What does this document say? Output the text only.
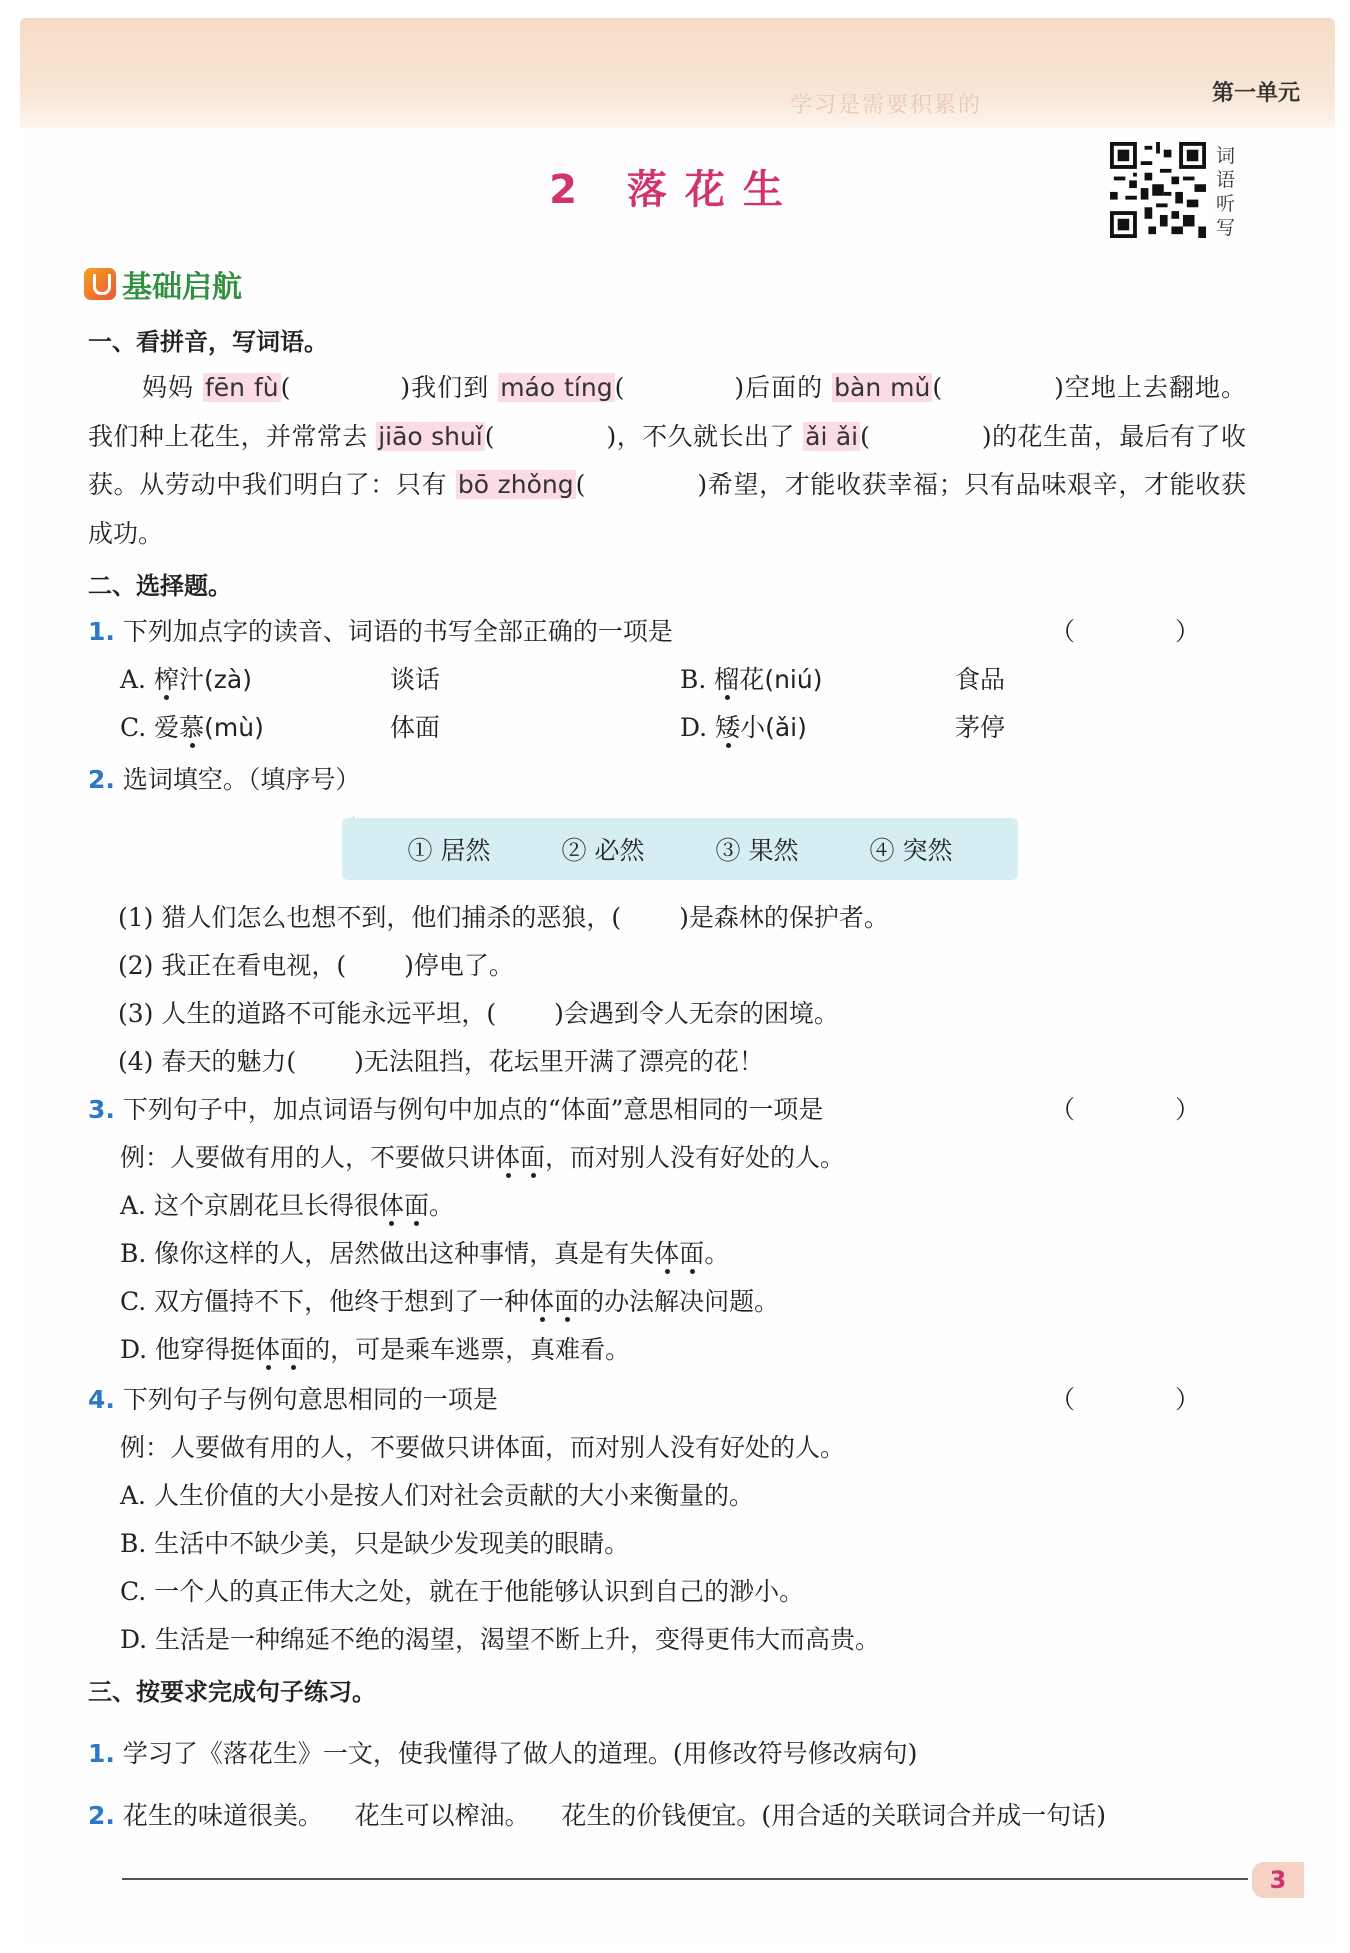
学习是需要积累的	第一单元
2 落花生
词语听写
基础启航
一、看拼音，写词语。
妈妈 fēn fù(	)我们到 máo tíng(	)后面的 bàn mǔ(	)空地上去翻地。我们种上花生，并常常去 jiāo shuǐ(	)，不久就长出了 ǎi ǎi(	)的花生苗，最后有了收获。从劳动中我们明白了：只有 bō zhǒng(	)希望，才能收获幸福；只有品味艰辛，才能收获成功。
二、选择题。
1. 下列加点字的读音、词语的书写全部正确的一项是	（ ）
A. 榨汁(zà)	谈话	B. 榴花(niú)	食品
C. 爱慕(mù)	体面	D. 矮小(ǎi)	茅停
2. 选词填空。（填序号）
① 居然	② 必然	③ 果然	④ 突然
(1) 猎人们怎么也想不到，他们捕杀的恶狼，( )是森林的保护者。
(2) 我正在看电视，( )停电了。
(3) 人生的道路不可能永远平坦，( )会遇到令人无奈的困境。
(4) 春天的魅力( )无法阻挡，花坛里开满了漂亮的花！
3. 下列句子中，加点词语与例句中加点的“体面”意思相同的一项是	（ ）
例：人要做有用的人，不要做只讲体面，而对别人没有好处的人。
A. 这个京剧花旦长得很体面。
B. 像你这样的人，居然做出这种事情，真是有失体面。
C. 双方僵持不下，他终于想到了一种体面的办法解决问题。
D. 他穿得挺体面的，可是乘车逃票，真难看。
4. 下列句子与例句意思相同的一项是	（ ）
例：人要做有用的人，不要做只讲体面，而对别人没有好处的人。
A. 人生价值的大小是按人们对社会贡献的大小来衡量的。
B. 生活中不缺少美，只是缺少发现美的眼睛。
C. 一个人的真正伟大之处，就在于他能够认识到自己的渺小。
D. 生活是一种绵延不绝的渴望，渴望不断上升，变得更伟大而高贵。
三、按要求完成句子练习。
1. 学习了《落花生》一文，使我懂得了做人的道理。(用修改符号修改病句)
2. 花生的味道很美。    花生可以榨油。    花生的价钱便宜。(用合适的关联词合并成一句话)
3
